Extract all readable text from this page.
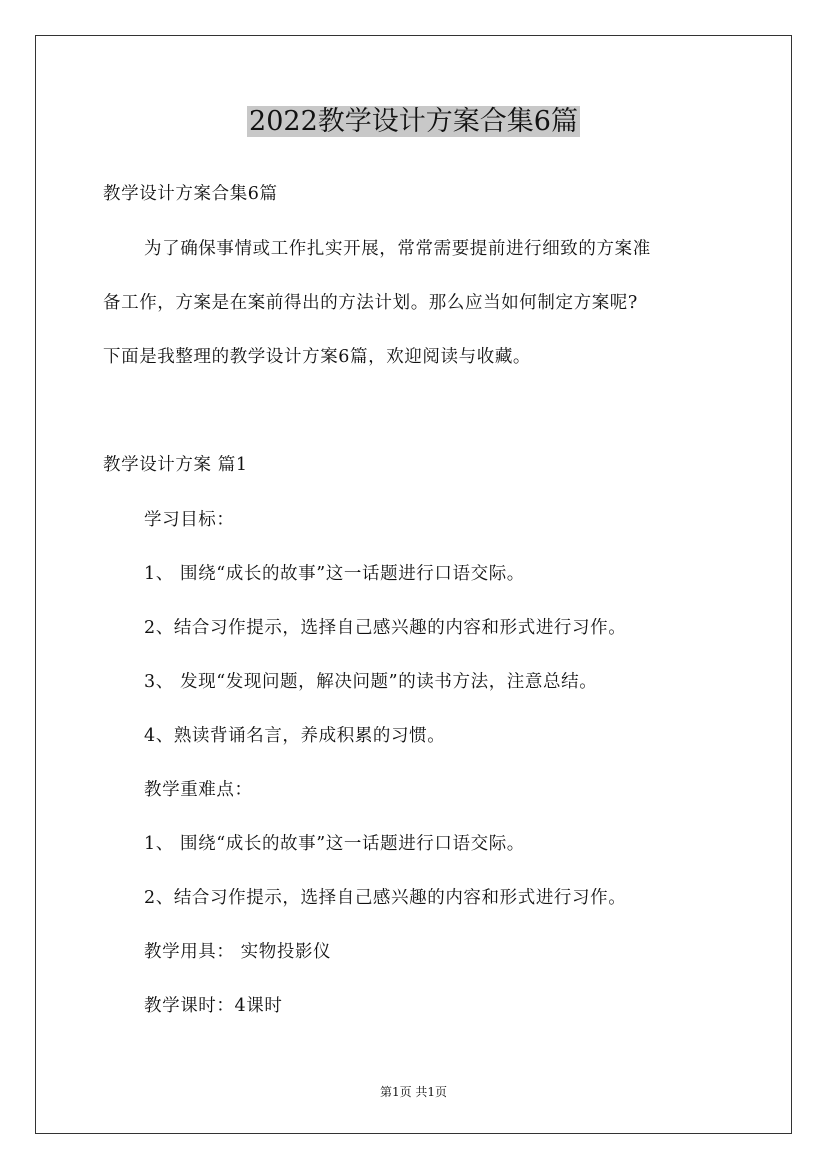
2022教学设计方案合集6篇
教学设计方案合集6篇
为了确保事情或工作扎实开展，常常需要提前进行细致的方案准
备工作，方案是在案前得出的方法计划。那么应当如何制定方案呢?
下面是我整理的教学设计方案6篇，欢迎阅读与收藏。
教学设计方案 篇1
学习目标：
1、 围绕“成长的故事”这一话题进行口语交际。
2、结合习作提示，选择自己感兴趣的内容和形式进行习作。
3、 发现“发现问题，解决问题”的读书方法，注意总结。
4、熟读背诵名言，养成积累的习惯。
教学重难点：
1、 围绕“成长的故事”这一话题进行口语交际。
2、结合习作提示，选择自己感兴趣的内容和形式进行习作。
教学用具： 实物投影仪
教学课时：4课时
第1页 共1页
